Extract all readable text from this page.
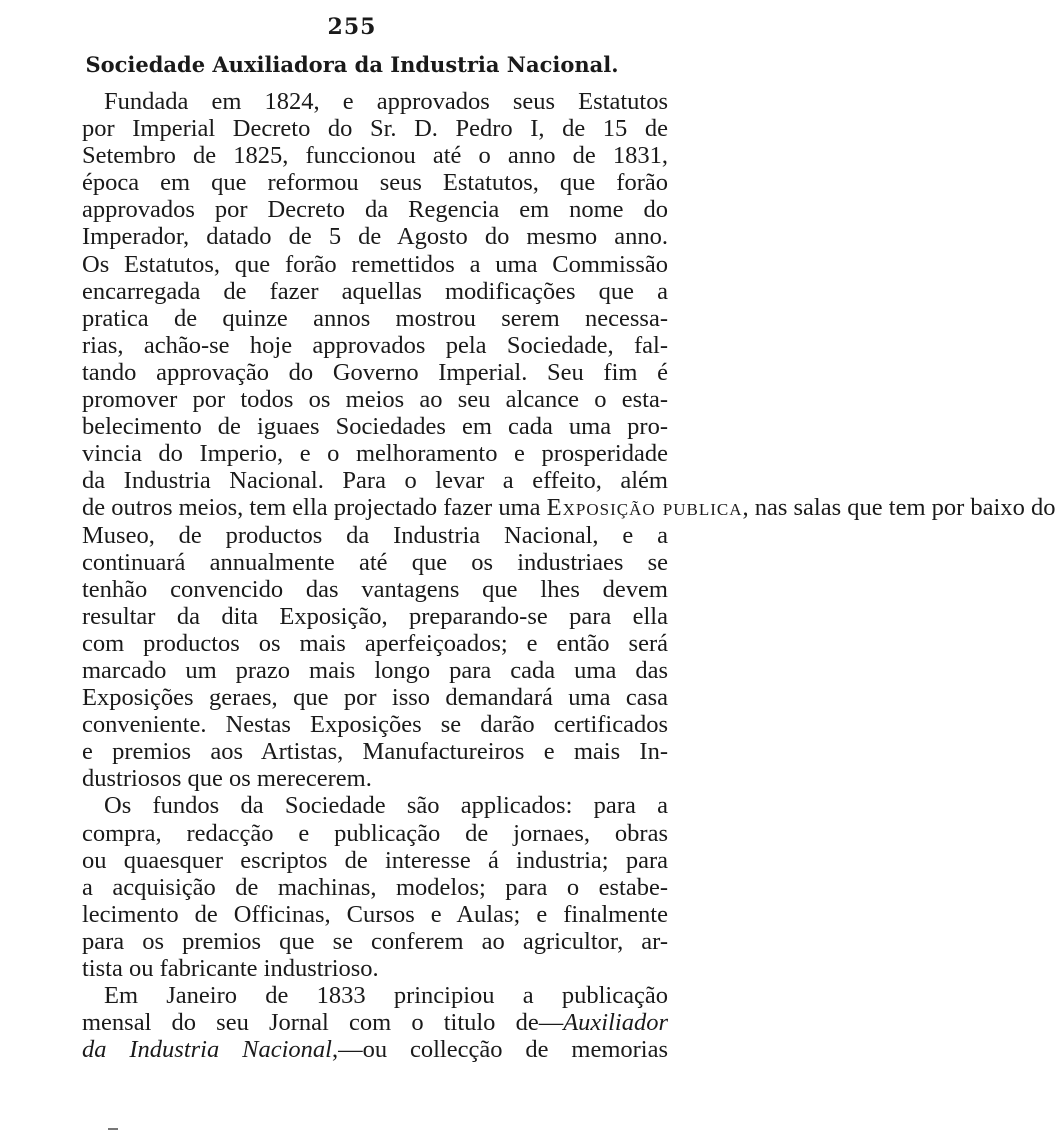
255
Sociedade Auxiliadora da Industria Nacional.
Fundada em 1824, e approvados seus Estatutos
por Imperial Decreto do Sr. D. Pedro I, de 15 de
Setembro de 1825, funccionou até o anno de 1831,
época em que reformou seus Estatutos, que forão
approvados por Decreto da Regencia em nome do
Imperador, datado de 5 de Agosto do mesmo anno.
Os Estatutos, que forão remettidos a uma Commissão
encarregada de fazer aquellas modificações que a
pratica de quinze annos mostrou serem necessa-
rias, achão-se hoje approvados pela Sociedade, fal-
tando approvação do Governo Imperial. Seu fim é
promover por todos os meios ao seu alcance o esta-
belecimento de iguaes Sociedades em cada uma pro-
vincia do Imperio, e o melhoramento e prosperidade
da Industria Nacional. Para o levar a effeito, além
de outros meios, tem ella projectado fazer uma Exposição publica, nas salas que tem por baixo do
Museo, de productos da Industria Nacional, e a
continuará annualmente até que os industriaes se
tenhão convencido das vantagens que lhes devem
resultar da dita Exposição, preparando-se para ella
com productos os mais aperfeiçoados; e então será
marcado um prazo mais longo para cada uma das
Exposições geraes, que por isso demandará uma casa
conveniente. Nestas Exposições se darão certificados
e premios aos Artistas, Manufactureiros e mais In-
dustriosos que os merecerem.
Os fundos da Sociedade são applicados: para a
compra, redacção e publicação de jornaes, obras
ou quaesquer escriptos de interesse á industria; para
a acquisição de machinas, modelos; para o estabe-
lecimento de Officinas, Cursos e Aulas; e finalmente
para os premios que se conferem ao agricultor, ar-
tista ou fabricante industrioso.
Em Janeiro de 1833 principiou a publicação
mensal do seu Jornal com o titulo de—Auxiliador
da Industria Nacional,—ou collecção de memorias
